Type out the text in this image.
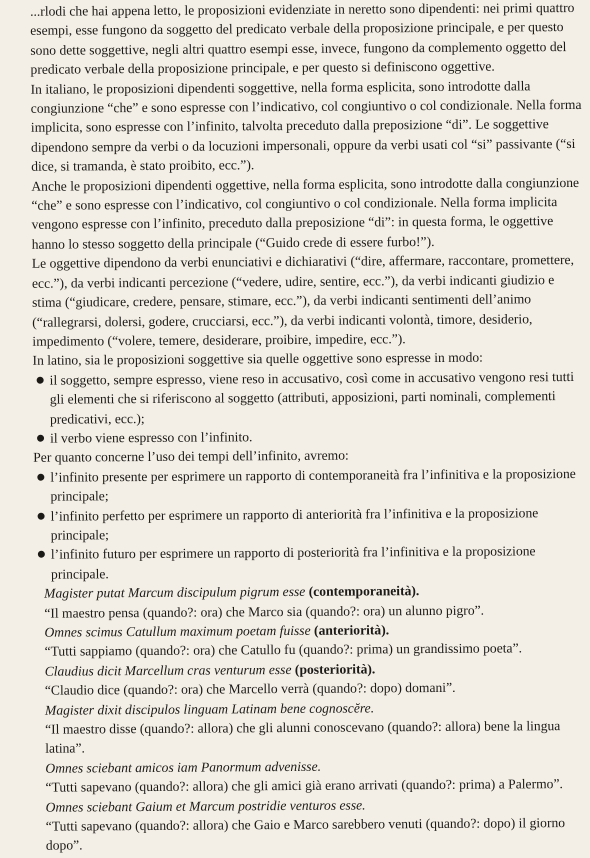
...rlodi che hai appena letto, le proposizioni evidenziate in neretto sono dipendenti: nei primi quattro esempi, esse fungono da soggetto del predicato verbale della proposizione principale, e per questo sono dette soggettive, negli altri quattro esempi esse, invece, fungono da complemento oggetto del predicato verbale della proposizione principale, e per questo si definiscono oggettive.

In italiano, le proposizioni dipendenti soggettive, nella forma esplicita, sono introdotte dalla congiunzione “che” e sono espresse con l’indicativo, col congiuntivo o col condizionale. Nella forma implicita, sono espresse con l’infinito, talvolta preceduto dalla preposizione “di”. Le soggettive dipendono sempre da verbi o da locuzioni impersonali, oppure da verbi usati col “si” passivante (“si dice, si tramanda, è stato proibito, ecc.”).

Anche le proposizioni dipendenti oggettive, nella forma esplicita, sono introdotte dalla congiunzione “che” e sono espresse con l’indicativo, col congiuntivo o col condizionale. Nella forma implicita vengono espresse con l’infinito, preceduto dalla preposizione “di”: in questa forma, le oggettive hanno lo stesso soggetto della principale (“Guido crede di essere furbo!”).

Le oggettive dipendono da verbi enunciativi e dichiarativi (“dire, affermare, raccontare, promettere, ecc.”), da verbi indicanti percezione (“vedere, udire, sentire, ecc.”), da verbi indicanti giudizio e stima (“giudicare, credere, pensare, stimare, ecc.”), da verbi indicanti sentimenti dell’animo (“rallegrarsi, dolersi, godere, crucciarsi, ecc.”), da verbi indicanti volontà, timore, desiderio, impedimento (“volere, temere, desiderare, proibire, impedire, ecc.”).

In latino, sia le proposizioni soggettive sia quelle oggettive sono espresse in modo:

il soggetto, sempre espresso, viene reso in accusativo, così come in accusativo vengono resi tutti gli elementi che si riferiscono al soggetto (attributi, apposizioni, parti nominali, complementi predicativi, ecc.);

il verbo viene espresso con l’infinito.

Per quanto concerne l’uso dei tempi dell’infinito, avremo:

l’infinito presente per esprimere un rapporto di contemporaneità fra l’infinitiva e la proposizione principale;

l’infinito perfetto per esprimere un rapporto di anteriorità fra l’infinitiva e la proposizione principale;

l’infinito futuro per esprimere un rapporto di posteriorità fra l’infinitiva e la proposizione principale.

Magister putat Marcum discipulum pigrum esse (contemporaneità).

“Il maestro pensa (quando?: ora) che Marco sia (quando?: ora) un alunno pigro”.

Omnes scimus Catullum maximum poetam fuisse (anteriorità).

“Tutti sappiamo (quando?: ora) che Catullo fu (quando?: prima) un grandissimo poeta”.

Claudius dicit Marcellum cras venturum esse (posteriorità).

“Claudio dice (quando?: ora) che Marcello verrà (quando?: dopo) domani”.

Magister dixit discipulos linguam Latinam bene cognoscĕre.

“Il maestro disse (quando?: allora) che gli alunni conoscevano (quando?: allora) bene la lingua latina”.

Omnes sciebant amicos iam Panormum advenisse.

“Tutti sapevano (quando?: allora) che gli amici già erano arrivati (quando?: prima) a Palermo”.

Omnes sciebant Gaium et Marcum postridie venturos esse.

“Tutti sapevano (quando?: allora) che Gaio e Marco sarebbero venuti (quando?: dopo) il giorno dopo”.
